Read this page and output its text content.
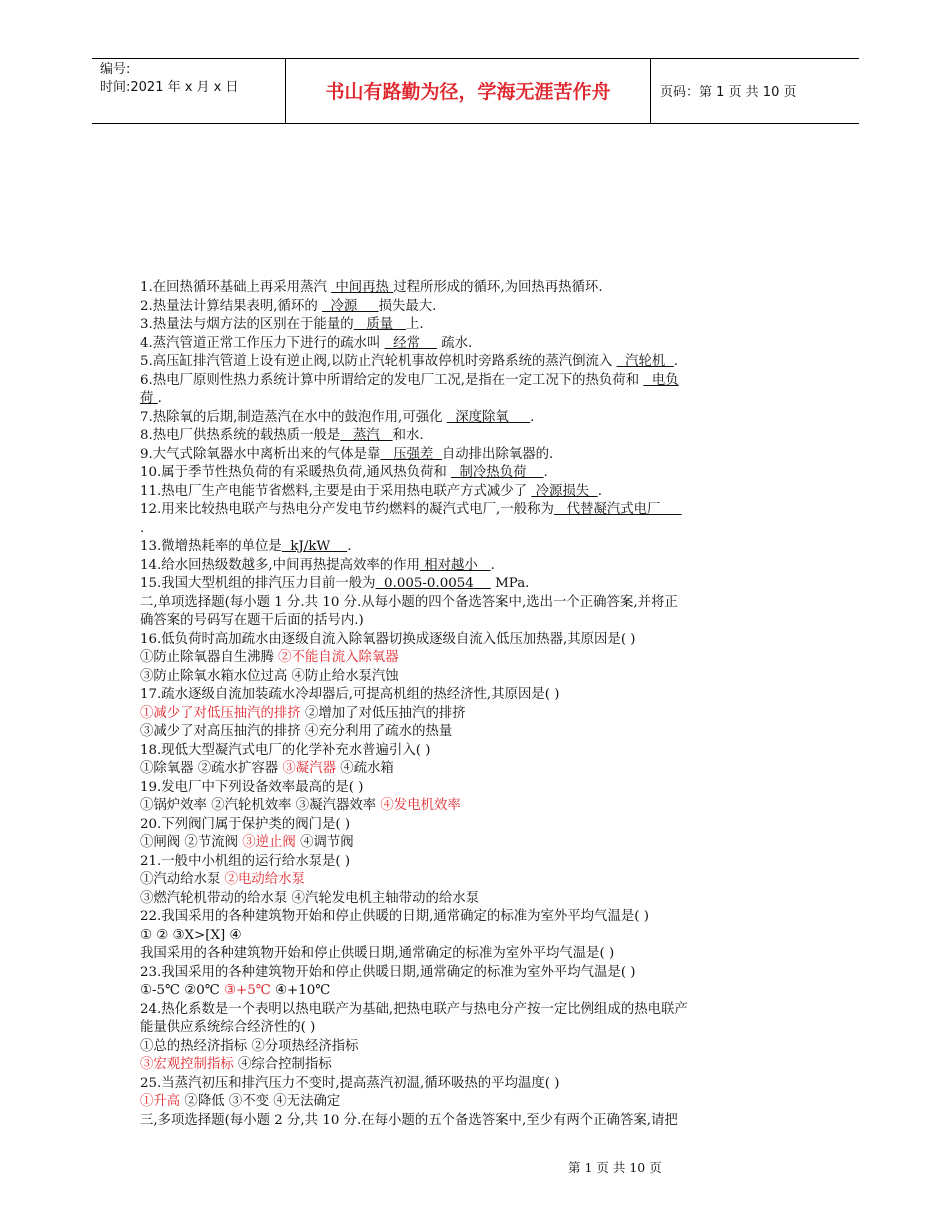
编号:
时间:2021 年 x 月 x 日	书山有路勤为径，学海无涯苦作舟	页码：第 1 页 共 10 页
1.在回热循环基础上再采用蒸汽  中间再热 过程所形成的循环,为回热再热循环.
2.热量法计算结果表明,循环的   冷源     损失最大.
3.热量法与烟方法的区别在于能量的   质量   上.
4.蒸汽管道正常工作压力下进行的疏水叫   经常     疏水.
5.高压缸排汽管道上设有逆止阀,以防止汽轮机事故停机时旁路系统的蒸汽倒流入   汽轮机  .
6.热电厂原则性热力系统计算中所谓给定的发电厂工况,是指在一定工况下的热负荷和   电负
荷 .
7.热除氧的后期,制造蒸汽在水中的鼓泡作用,可强化   深度除氧     .
8.热电厂供热系统的载热质一般是   蒸汽   和水.
9.大气式除氧器水中离析出来的气体是靠   压强差  自动排出除氧器的.
10.属于季节性热负荷的有采暖热负荷,通风热负荷和   制冷热负荷    .
11.热电厂生产电能节省燃料,主要是由于采用热电联产方式减少了  冷源损失  .
12.用来比较热电联产与热电分产发电节约燃料的凝汽式电厂,一般称为   代替凝汽式电厂
.
13.微增热耗率的单位是  kJ/kW    .
14.给水回热级数越多,中间再热提高效率的作用 相对越小   .
15.我国大型机组的排汽压力目前一般为  0.005-0.0054     MPa.
二,单项选择题(每小题 1 分.共 10 分.从每小题的四个备选答案中,选出一个正确答案,并将正
确答案的号码写在题干后面的括号内.)
16.低负荷时高加疏水由逐级自流入除氧器切换成逐级自流入低压加热器,其原因是( )
①防止除氧器自生沸腾 ②不能自流入除氧器
③防止除氧水箱水位过高 ④防止给水泵汽蚀
17.疏水逐级自流加装疏水冷却器后,可提高机组的热经济性,其原因是( )
①减少了对低压抽汽的排挤 ②增加了对低压抽汽的排挤
③减少了对高压抽汽的排挤 ④充分利用了疏水的热量
18.现低大型凝汽式电厂的化学补充水普遍引入( )
①除氧器 ②疏水扩容器 ③凝汽器 ④疏水箱
19.发电厂中下列设备效率最高的是( )
①锅炉效率 ②汽轮机效率 ③凝汽器效率 ④发电机效率
20.下列阀门属于保护类的阀门是( )
①闸阀 ②节流阀 ③逆止阀 ④调节阀
21.一般中小机组的运行给水泵是( )
①汽动给水泵 ②电动给水泵
③燃汽轮机带动的给水泵 ④汽轮发电机主轴带动的给水泵
22.我国采用的各种建筑物开始和停止供暖的日期,通常确定的标准为室外平均气温是( )
① ② ③X>[X] ④
我国采用的各种建筑物开始和停止供暖日期,通常确定的标准为室外平均气温是( )
23.我国采用的各种建筑物开始和停止供暖日期,通常确定的标准为室外平均气温是( )
①-5℃ ②0℃ ③+5℃ ④+10℃
24.热化系数是一个表明以热电联产为基础,把热电联产与热电分产按一定比例组成的热电联产
能量供应系统综合经济性的( )
①总的热经济指标 ②分项热经济指标
③宏观控制指标 ④综合控制指标
25.当蒸汽初压和排汽压力不变时,提高蒸汽初温,循环吸热的平均温度( )
①升高 ②降低 ③不变 ④无法确定
三,多项选择题(每小题 2 分,共 10 分.在每小题的五个备选答案中,至少有两个正确答案,请把
第 1 页 共 10 页
